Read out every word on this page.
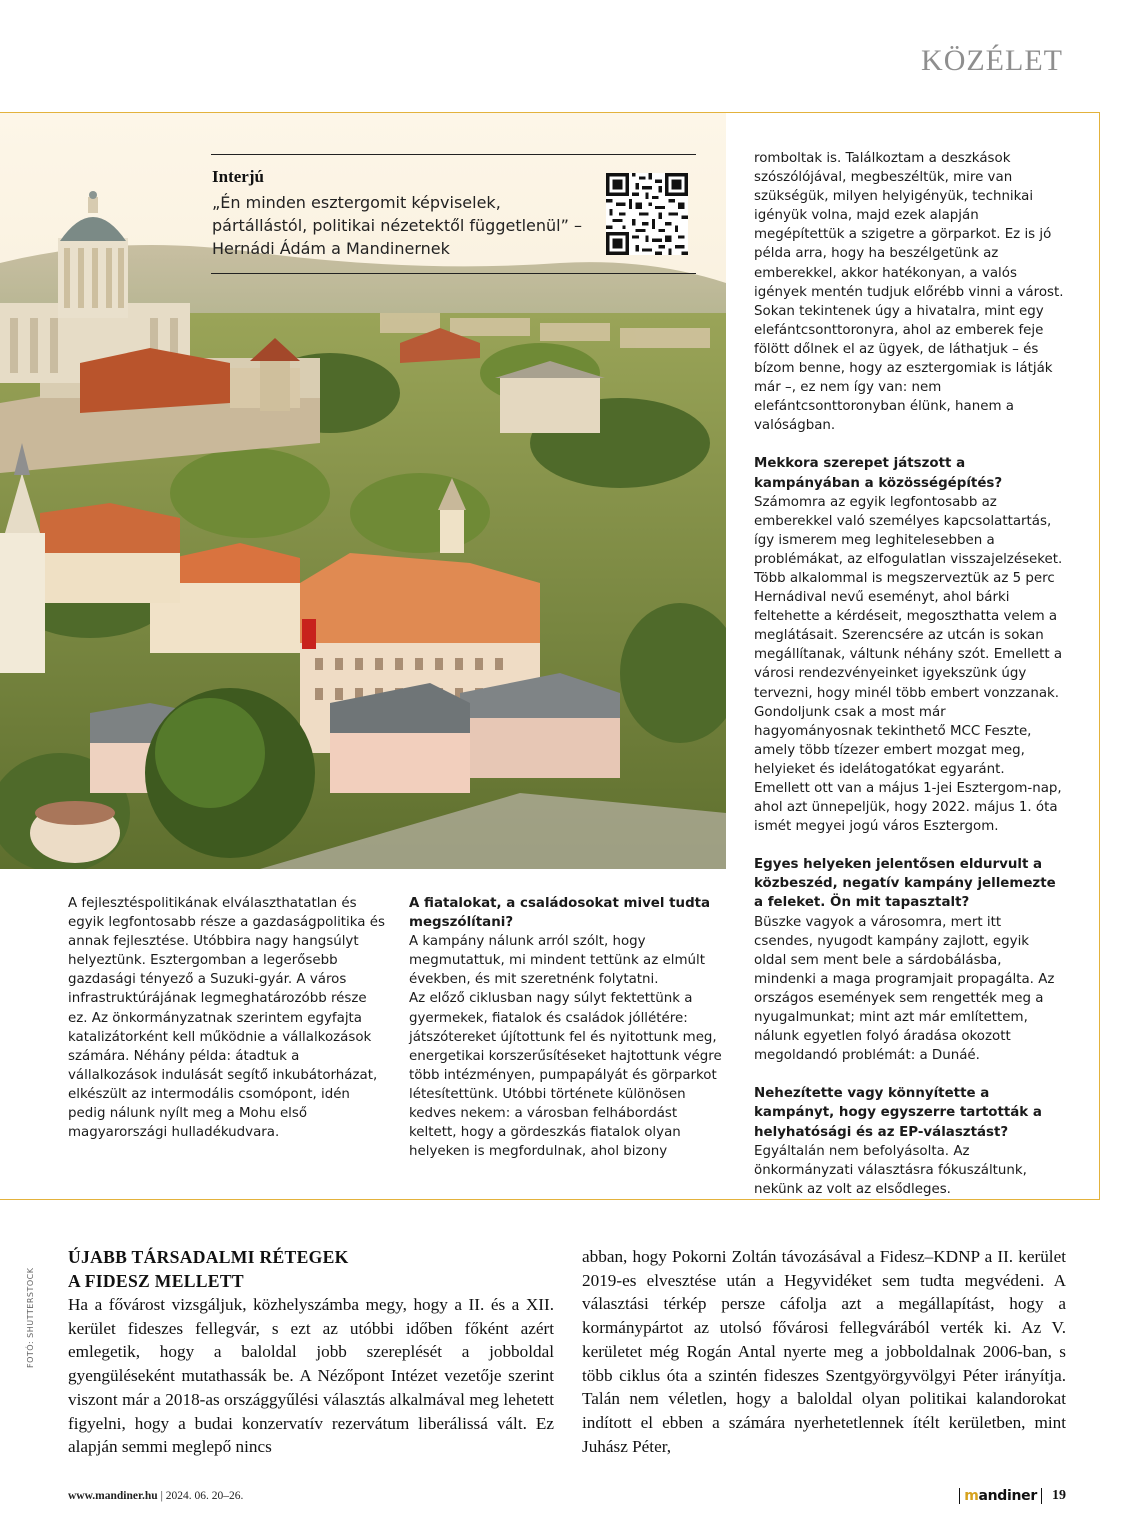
KÖZÉLET
Interjú
„Én minden esztergomit képviselek, pártállástól, politikai nézetektől függetlenül” – Hernádi Ádám a Mandinernek

romboltak is. Találkoztam a deszkások szószólójával, megbeszéltük, mire van szükségük, milyen helyigényük, technikai igényük volna, majd ezek alapján megépítettük a szigetre a görparkot. Ez is jó példa arra, hogy ha beszélgetünk az emberekkel, akkor hatékonyan, a valós igények mentén tudjuk előrébb vinni a várost. Sokan tekintenek úgy a hivatalra, mint egy elefántcsonttoronyra, ahol az emberek feje fölött dőlnek el az ügyek, de láthatjuk – és bízom benne, hogy az esztergomiak is látják már –, ez nem így van: nem elefántcsonttoronyban élünk, hanem a valóságban.

Mekkora szerepet játszott a kampányában a közösségépítés?

Számomra az egyik legfontosabb az emberekkel való személyes kapcsolattartás, így ismerem meg leghitelesebben a problémákat, az elfogulatlan visszajelzéseket. Több alkalommal is megszerveztük az 5 perc Hernádival nevű eseményt, ahol bárki feltehette a kérdéseit, megoszthatta velem a meglátásait. Szerencsére az utcán is sokan megállítanak, váltunk néhány szót. Emellett a városi rendezvényeinket igyekszünk úgy tervezni, hogy minél több embert vonzzanak. Gondoljunk csak a most már hagyományosnak tekinthető MCC Feszte, amely több tízezer embert mozgat meg, helyieket és idelátogatókat egyaránt. Emellett ott van a május 1-jei Esztergom-nap, ahol azt ünnepeljük, hogy 2022. május 1. óta ismét megyei jogú város Esztergom.

Egyes helyeken jelentősen eldurvult a közbeszéd, negatív kampány jellemezte a feleket. Ön mit tapasztalt?

Büszke vagyok a városomra, mert itt csendes, nyugodt kampány zajlott, egyik oldal sem ment bele a sárdobálásba, mindenki a maga programjait propagálta. Az országos események sem rengették meg a nyugalmunkat; mint azt már említettem, nálunk egyetlen folyó áradása okozott megoldandó problémát: a Dunáé.

Nehezítette vagy könnyítette a kampányt, hogy egyszerre tartották a helyhatósági és az EP-választást?

Egyáltalán nem befolyásolta. Az önkormányzati választásra fókuszáltunk, nekünk az volt az elsődleges.

A fejlesztéspolitikának elválaszthatatlan és egyik legfontosabb része a gazdaságpolitika és annak fejlesztése. Utóbbira nagy hangsúlyt helyeztünk. Esztergomban a legerősebb gazdasági tényező a Suzuki-gyár. A város infrastruktúrájának legmeghatározóbb része ez. Az önkormányzatnak szerintem egyfajta katalizátorként kell működnie a vállalkozások számára. Néhány példa: átadtuk a vállalkozások indulását segítő inkubátorházat, elkészült az intermodális csomópont, idén pedig nálunk nyílt meg a Mohu első magyarországi hulladékudvara.

A fiatalokat, a családosokat mivel tudta megszólítani?

A kampány nálunk arról szólt, hogy megmutattuk, mi mindent tettünk az elmúlt években, és mit szeretnénk folytatni.

Az előző ciklusban nagy súlyt fektettünk a gyermekek, fiatalok és családok jóllétére: játszótereket újítottunk fel és nyitottunk meg, energetikai korszerűsítéseket hajtottunk végre több intézményen, pumpapályát és görparkot létesítettünk. Utóbbi története különösen kedves nekem: a városban felhábordást keltett, hogy a gördeszkás fiatalok olyan helyeken is megfordulnak, ahol bizony

ÚJABB TÁRSADALMI RÉTEGEK
A FIDESZ MELLETT

Ha a fővárost vizsgáljuk, közhelyszámba megy, hogy a II. és a XII. kerület fideszes fellegvár, s ezt az utóbbi időben főként azért emlegetik, hogy a baloldal jobb szereplését a jobboldal gyengüléseként mutathassák be. A Nézőpont Intézet vezetője szerint viszont már a 2018-as országgyűlési választás alkalmával meg lehetett figyelni, hogy a budai konzervatív rezervátum liberálissá vált. Ez alapján semmi meglepő nincs

abban, hogy Pokorni Zoltán távozásával a Fidesz–KDNP a II. kerület 2019-es elvesztése után a Hegyvidéket sem tudta megvédeni. A választási térkép persze cáfolja azt a megállapítást, hogy a kormánypártot az utolsó fővárosi fellegvárából verték ki. Az V. kerületet még Rogán Antal nyerte meg a jobboldalnak 2006-ban, s több ciklus óta a szintén fideszes Szentgyörgyvölgyi Péter irányítja. Talán nem véletlen, hogy a baloldal olyan politikai kalandorokat indított el ebben a számára nyerhetetlennek ítélt kerületben, mint Juhász Péter,

FOTÓ: SHUTTERSTOCK
www.mandiner.hu | 2024. 06. 20–26.	mandiner	19
